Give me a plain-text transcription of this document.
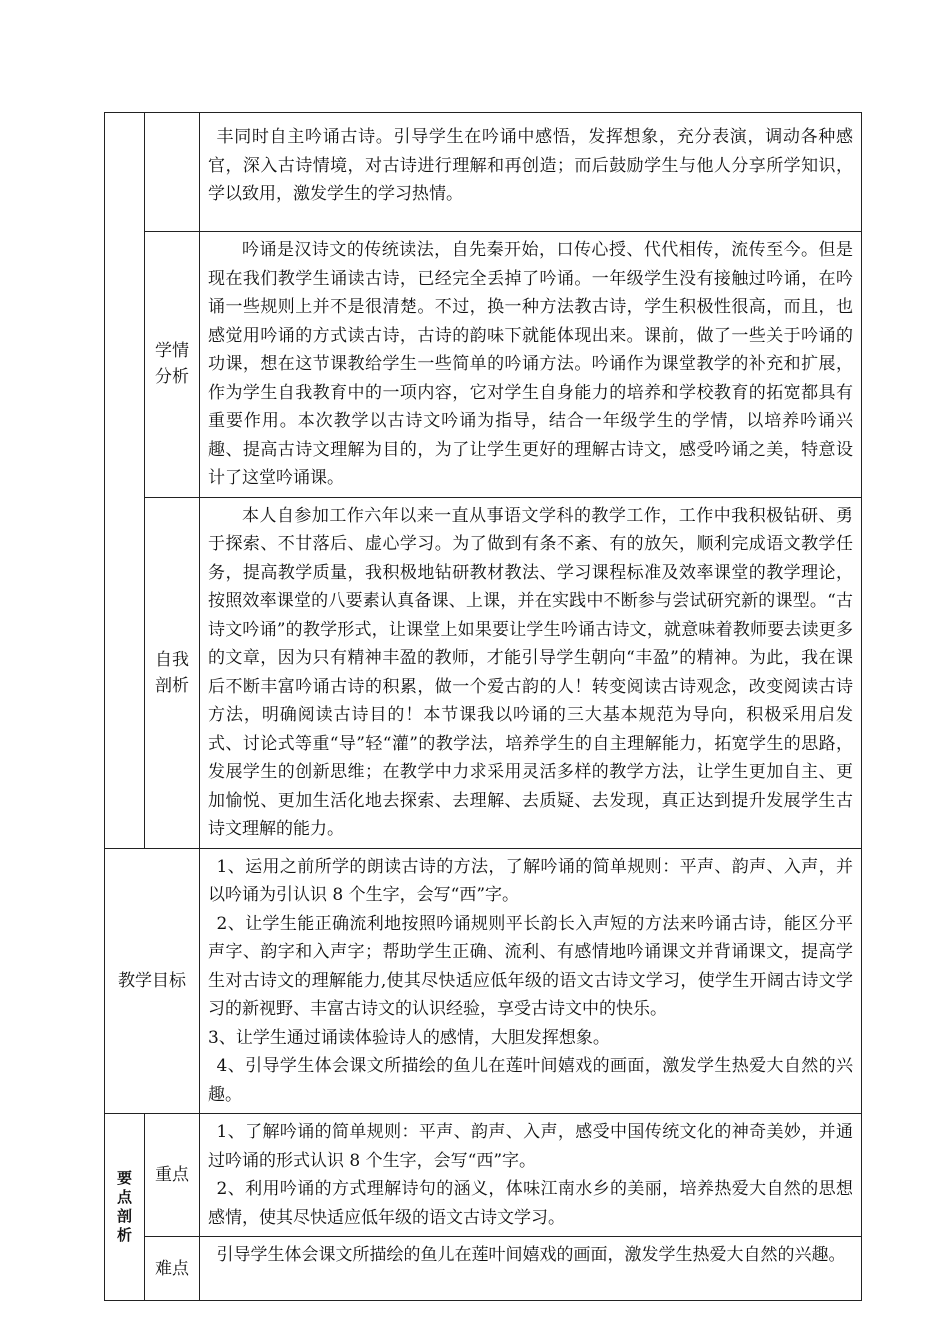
		丰同时自主吟诵古诗。引导学生在吟诵中感悟，发挥想象，充分表演，调动各种感官，深入古诗情境，对古诗进行理解和再创造；而后鼓励学生与他人分享所学知识，学以致用，激发学生的学习热情。

	学情分析	吟诵是汉诗文的传统读法，自先秦开始，口传心授、代代相传，流传至今。但是现在我们教学生诵读古诗，已经完全丢掉了吟诵。一年级学生没有接触过吟诵，在吟诵一些规则上并不是很清楚。不过，换一种方法教古诗，学生积极性很高，而且，也感觉用吟诵的方式读古诗，古诗的韵味下就能体现出来。课前，做了一些关于吟诵的功课，想在这节课教给学生一些简单的吟诵方法。吟诵作为课堂教学的补充和扩展，作为学生自我教育中的一项内容，它对学生自身能力的培养和学校教育的拓宽都具有重要作用。本次教学以古诗文吟诵为指导，结合一年级学生的学情，以培养吟诵兴趣、提高古诗文理解为目的，为了让学生更好的理解古诗文，感受吟诵之美，特意设计了这堂吟诵课。

	自我剖析	本人自参加工作六年以来一直从事语文学科的教学工作，工作中我积极钻研、勇于探索、不甘落后、虚心学习。为了做到有条不紊、有的放矢，顺利完成语文教学任务，提高教学质量，我积极地钻研教材教法、学习课程标准及效率课堂的教学理论，按照效率课堂的八要素认真备课、上课，并在实践中不断参与尝试研究新的课型。“古诗文吟诵”的教学形式，让课堂上如果要让学生吟诵古诗文，就意味着教师要去读更多的文章，因为只有精神丰盈的教师，才能引导学生朝向“丰盈”的精神。为此，我在课后不断丰富吟诵古诗的积累，做一个爱古韵的人！转变阅读古诗观念，改变阅读古诗方法，明确阅读古诗目的！本节课我以吟诵的三大基本规范为导向，积极采用启发式、讨论式等重“导”轻“灌”的教学法，培养学生的自主理解能力，拓宽学生的思路，发展学生的创新思维；在教学中力求采用灵活多样的教学方法，让学生更加自主、更加愉悦、更加生活化地去探索、去理解、去质疑、去发现，真正达到提升发展学生古诗文理解的能力。

教学目标		1、运用之前所学的朗读古诗的方法，了解吟诵的简单规则：平声、韵声、入声，并以吟诵为引认识 8 个生字，会写“西”字。

2、让学生能正确流利地按照吟诵规则平长韵长入声短的方法来吟诵古诗，能区分平声字、韵字和入声字；帮助学生正确、流利、有感情地吟诵课文并背诵课文，提高学生对古诗文的理解能力,使其尽快适应低年级的语文古诗文学习，使学生开阔古诗文学习的新视野、丰富古诗文的认识经验，享受古诗文中的快乐。

3、让学生通过诵读体验诗人的感情，大胆发挥想象。

4、引导学生体会课文所描绘的鱼儿在莲叶间嬉戏的画面，激发学生热爱大自然的兴趣。

要点剖析	重点	1、了解吟诵的简单规则：平声、韵声、入声，感受中国传统文化的神奇美妙，并通过吟诵的形式认识 8 个生字，会写“西”字。

2、利用吟诵的方式理解诗句的涵义，体味江南水乡的美丽，培养热爱大自然的思想感情，使其尽快适应低年级的语文古诗文学习。

	难点	引导学生体会课文所描绘的鱼儿在莲叶间嬉戏的画面，激发学生热爱大自然的兴趣。
